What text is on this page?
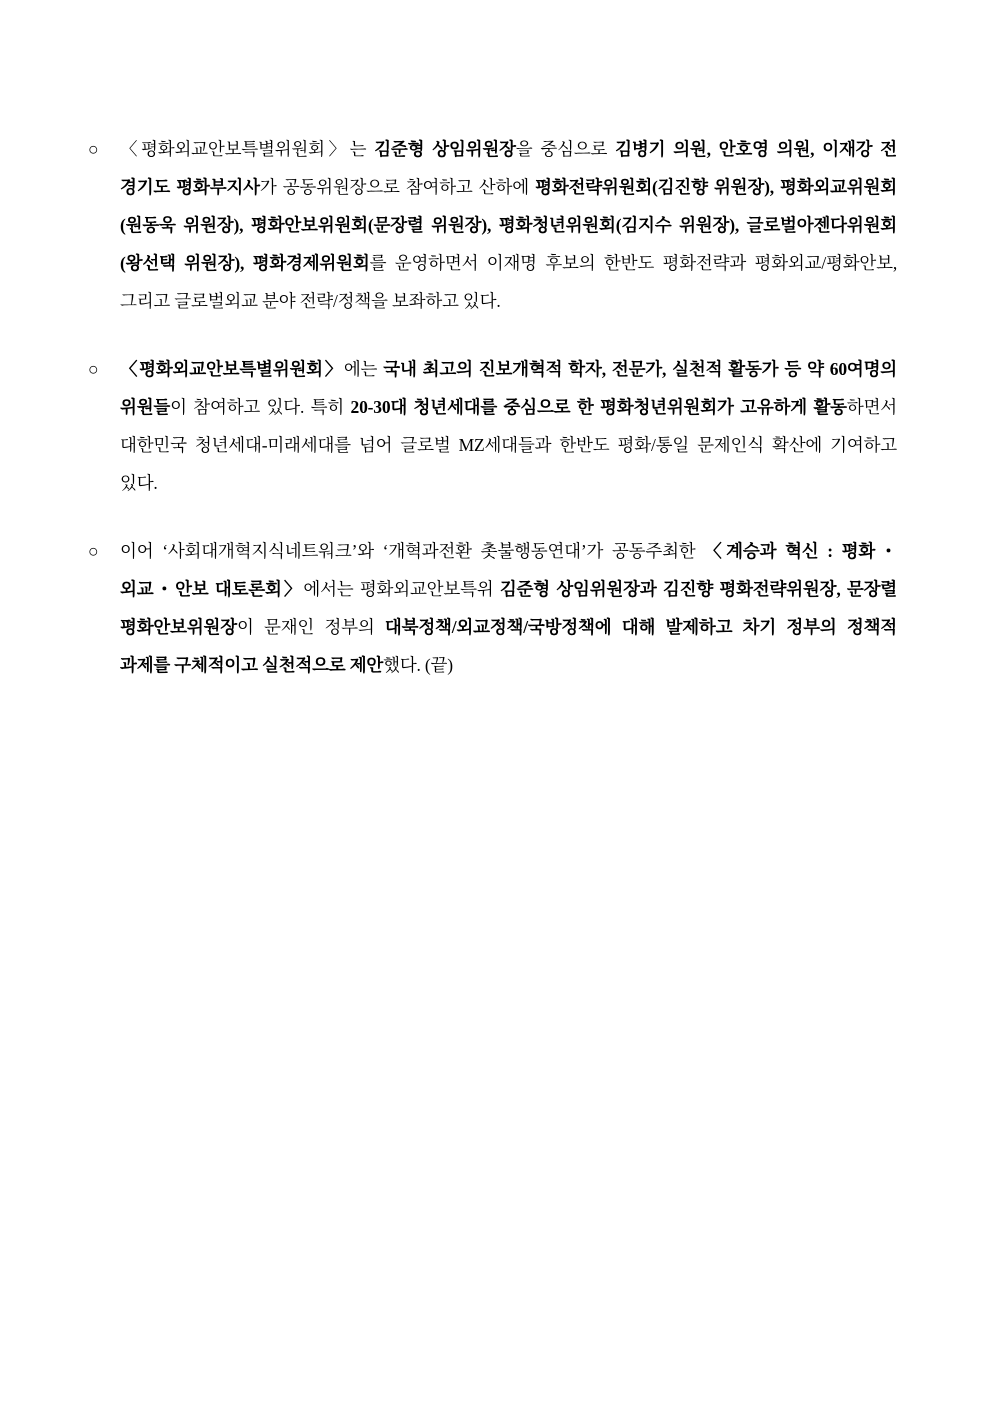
○	〈평화외교안보특별위원회〉는 김준형 상임위원장을 중심으로 김병기 의원, 안호영 의원, 이재강 전 경기도 평화부지사가 공동위원장으로 참여하고 산하에 평화전략위원회(김진향 위원장), 평화외교위원회(원동욱 위원장), 평화안보위원회(문장렬 위원장), 평화청년위원회(김지수 위원장), 글로벌아젠다위원회(왕선택 위원장), 평화경제위원회를 운영하면서 이재명 후보의 한반도 평화전략과 평화외교/평화안보, 그리고 글로벌외교 분야 전략/정책을 보좌하고 있다.
○	〈평화외교안보특별위원회〉에는 국내 최고의 진보개혁적 학자, 전문가, 실천적 활동가 등 약 60여명의 위원들이 참여하고 있다. 특히 20-30대 청년세대를 중심으로 한 평화청년위원회가 고유하게 활동하면서 대한민국 청년세대-미래세대를 넘어 글로벌 MZ세대들과 한반도 평화/통일 문제인식 확산에 기여하고 있다.
○	이어 ‘사회대개혁지식네트워크’와 ‘개혁과전환 촛불행동연대’가 공동주최한 〈계승과 혁신 : 평화・외교・안보 대토론회〉에서는 평화외교안보특위 김준형 상임위원장과 김진향 평화전략위원장, 문장렬 평화안보위원장이 문재인 정부의 대북정책/외교정책/국방정책에 대해 발제하고 차기 정부의 정책적 과제를 구체적이고 실천적으로 제안했다. (끝)
